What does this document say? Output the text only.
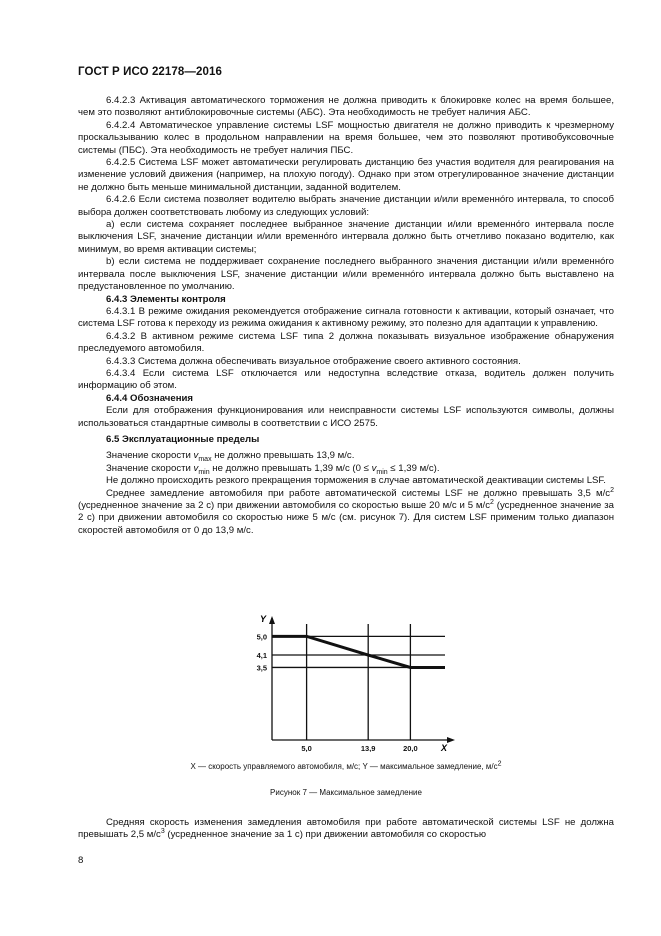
ГОСТ Р ИСО 22178—2016

6.4.2.3 Активация автоматического торможения не должна приводить к блокировке колес на время большее, чем это позволяют антиблокировочные системы (АБС). Эта необходимость не требует наличия АБС.

6.4.2.4 Автоматическое управление системы LSF мощностью двигателя не должно приводить к чрезмерному проскальзыванию колес в продольном направлении на время большее, чем это позволяют противобуксовочные системы (ПБС). Эта необходимость не требует наличия ПБС.

6.4.2.5 Система LSF может автоматически регулировать дистанцию без участия водителя для реагирования на изменение условий движения (например, на плохую погоду). Однако при этом отрегулированное значение дистанции не должно быть меньше минимальной дистанции, заданной водителем.

6.4.2.6 Если система позволяет водителю выбрать значение дистанции и/или временно́го интервала, то способ выбора должен соответствовать любому из следующих условий:

а) если система сохраняет последнее выбранное значение дистанции и/или временно́го интервала после выключения LSF, значение дистанции и/или временно́го интервала должно быть отчетливо показано водителю, как минимум, во время активации системы;

b) если система не поддерживает сохранение последнего выбранного значения дистанции и/или временно́го интервала после выключения LSF, значение дистанции и/или временно́го интервала должно быть выставлено на предустановленное по умолчанию.

6.4.3 Элементы контроля

6.4.3.1 В режиме ожидания рекомендуется отображение сигнала готовности к активации, который означает, что система LSF готова к переходу из режима ожидания к активному режиму, это полезно для адаптации к управлению.

6.4.3.2 В активном режиме система LSF типа 2 должна показывать визуальное изображение обнаружения преследуемого автомобиля.

6.4.3.3 Система должна обеспечивать визуальное отображение своего активного состояния.

6.4.3.4 Если система LSF отключается или недоступна вследствие отказа, водитель должен получить информацию об этом.

6.4.4 Обозначения

Если для отображения функционирования или неисправности системы LSF используются символы, должны использоваться стандартные символы в соответствии с ИСО 2575.

6.5 Эксплуатационные пределы

Значение скорости $v_{max}$ не должно превышать 13,9 м/с.

Значение скорости $v_{min}$ не должно превышать 1,39 м/с ($0 \le v_{min} \le 1,39$ м/с).

Не должно происходить резкого прекращения торможения в случае автоматической деактивации системы LSF.

Среднее замедление автомобиля при работе автоматической системы LSF не должно превышать 3,5 $м/с^2$ (усредненное значение за 2 с) при движении автомобиля со скоростью выше 20 м/с и 5 $м/с^2$ (усредненное значение за 2 с) при движении автомобиля со скоростью ниже 5 м/с (см. рисунок 7). Для систем LSF применим только диапазон скоростей автомобиля от 0 до 13,9 м/с.

Y
X
5,0
4,1
3,5
5,0	13,9	20,0
X — скорость управляемого автомобиля, м/с; Y — максимальное замедление, $м/с^2$
Рисунок 7 — Максимальное замедление

Средняя скорость изменения замедления автомобиля при работе автоматической системы LSF не должна превышать 2,5 $м/с^3$ (усредненное значение за 1 с) при движении автомобиля со скоростью

8
